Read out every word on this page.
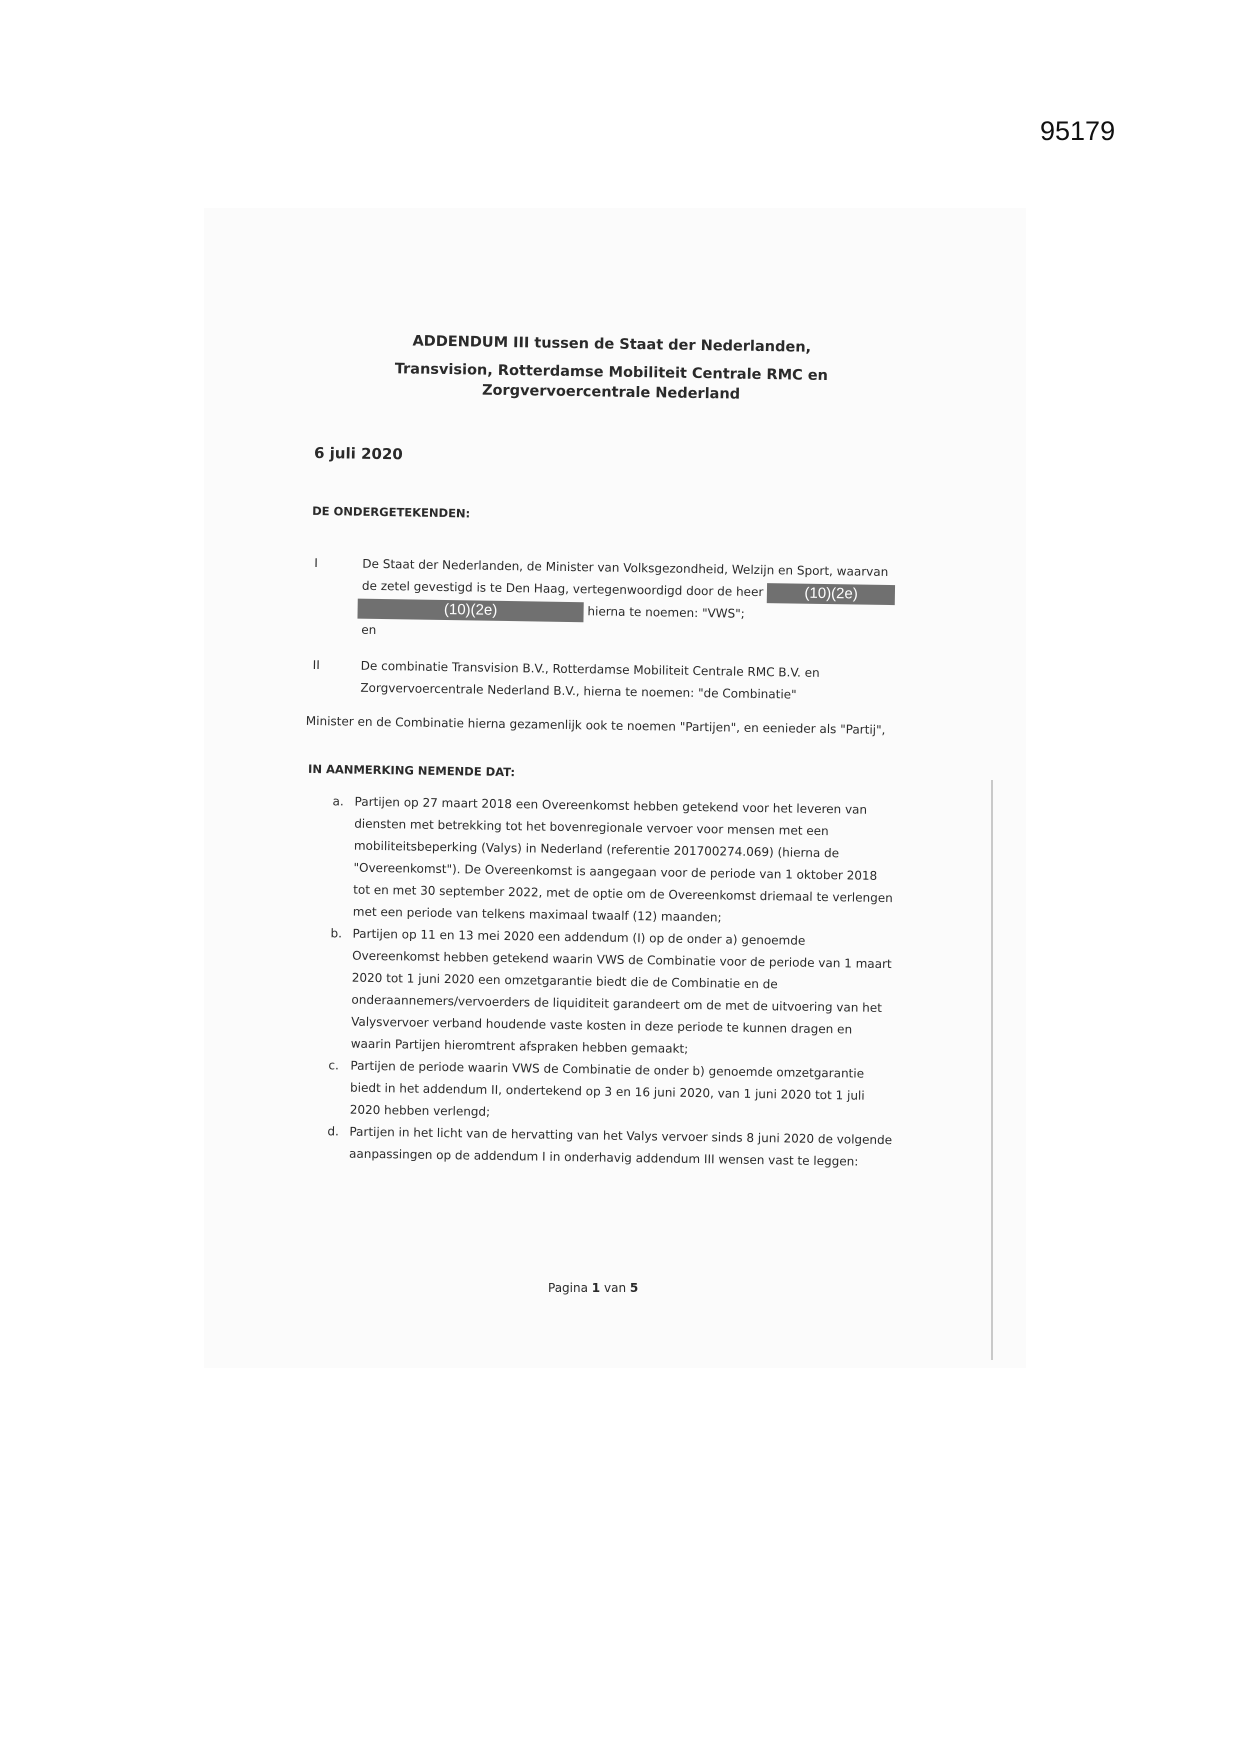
95179
ADDENDUM III tussen de Staat der Nederlanden,
Transvision, Rotterdamse Mobiliteit Centrale RMC en
Zorgvervoercentrale Nederland
6 juli 2020
DE ONDERGETEKENDEN:
I	De Staat der Nederlanden, de Minister van Volksgezondheid, Welzijn en Sport, waarvan de zetel gevestigd is te Den Haag, vertegenwoordigd door de heer	(10)(2e)
(10)(2e)	hierna te noemen: "VWS";
en
II	De combinatie Transvision B.V., Rotterdamse Mobiliteit Centrale RMC B.V. en Zorgvervoercentrale Nederland B.V., hierna te noemen: "de Combinatie"
Minister en de Combinatie hierna gezamenlijk ook te noemen "Partijen", en eenieder als "Partij",
IN AANMERKING NEMENDE DAT:
a. Partijen op 27 maart 2018 een Overeenkomst hebben getekend voor het leveren van diensten met betrekking tot het bovenregionale vervoer voor mensen met een mobiliteitsbeperking (Valys) in Nederland (referentie 201700274.069) (hierna de "Overeenkomst"). De Overeenkomst is aangegaan voor de periode van 1 oktober 2018 tot en met 30 september 2022, met de optie om de Overeenkomst driemaal te verlengen met een periode van telkens maximaal twaalf (12) maanden;
b. Partijen op 11 en 13 mei 2020 een addendum (I) op de onder a) genoemde Overeenkomst hebben getekend waarin VWS de Combinatie voor de periode van 1 maart 2020 tot 1 juni 2020 een omzetgarantie biedt die de Combinatie en de onderaannemers/vervoerders de liquiditeit garandeert om de met de uitvoering van het Valysvervoer verband houdende vaste kosten in deze periode te kunnen dragen en waarin Partijen hieromtrent afspraken hebben gemaakt;
c. Partijen de periode waarin VWS de Combinatie de onder b) genoemde omzetgarantie biedt in het addendum II, ondertekend op 3 en 16 juni 2020, van 1 juni 2020 tot 1 juli 2020 hebben verlengd;
d. Partijen in het licht van de hervatting van het Valys vervoer sinds 8 juni 2020 de volgende aanpassingen op de addendum I in onderhavig addendum III wensen vast te leggen:
Pagina 1 van 5
